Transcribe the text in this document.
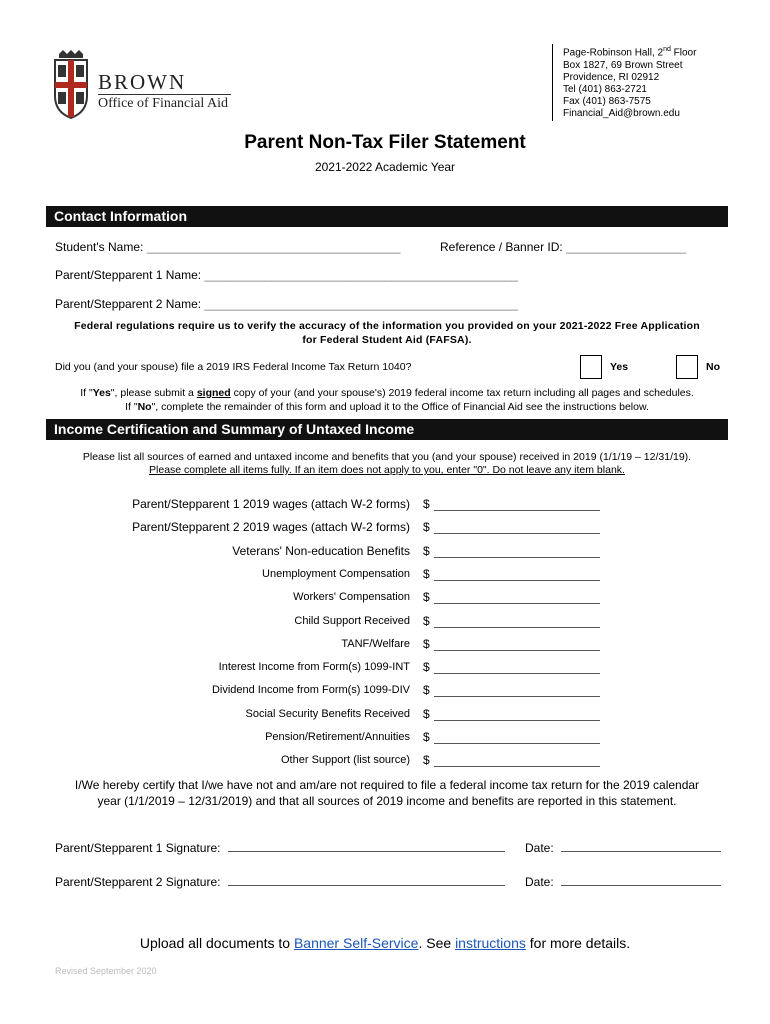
BROWN
Office of Financial Aid
Page-Robinson Hall, 2nd Floor
Box 1827, 69 Brown Street
Providence, RI 02912
Tel (401) 863-2721
Fax (401) 863-7575
Financial_Aid@brown.edu
Parent Non-Tax Filer Statement
2021-2022 Academic Year
Contact Information
Student's Name: ______________________________________	Reference / Banner ID: __________________
Parent/Stepparent 1 Name: _______________________________________________
Parent/Stepparent 2 Name: _______________________________________________
Federal regulations require us to verify the accuracy of the information you provided on your 2021-2022 Free Application
for Federal Student Aid (FAFSA).
Did you (and your spouse) file a 2019 IRS Federal Income Tax Return 1040?	Yes	No
If "Yes", please submit a signed copy of your (and your spouse's) 2019 federal income tax return including all pages and schedules.
If "No", complete the remainder of this form and upload it to the Office of Financial Aid see the instructions below.
Income Certification and Summary of Untaxed Income
Please list all sources of earned and untaxed income and benefits that you (and your spouse) received in 2019 (1/1/19 – 12/31/19).
Please complete all items fully. If an item does not apply to you, enter "0". Do not leave any item blank.
Parent/Stepparent 1 2019 wages (attach W-2 forms) $
Parent/Stepparent 2 2019 wages (attach W-2 forms) $
Veterans' Non-education Benefits $
Unemployment Compensation $
Workers' Compensation $
Child Support Received $
TANF/Welfare $
Interest Income from Form(s) 1099-INT $
Dividend Income from Form(s) 1099-DIV $
Social Security Benefits Received $
Pension/Retirement/Annuities $
Other Support (list source) $
I/We hereby certify that I/we have not and am/are not required to file a federal income tax return for the 2019 calendar
year (1/1/2019 – 12/31/2019) and that all sources of 2019 income and benefits are reported in this statement.
Parent/Stepparent 1 Signature:	Date:
Parent/Stepparent 2 Signature:	Date:
Upload all documents to Banner Self-Service. See instructions for more details.
Revised September 2020
